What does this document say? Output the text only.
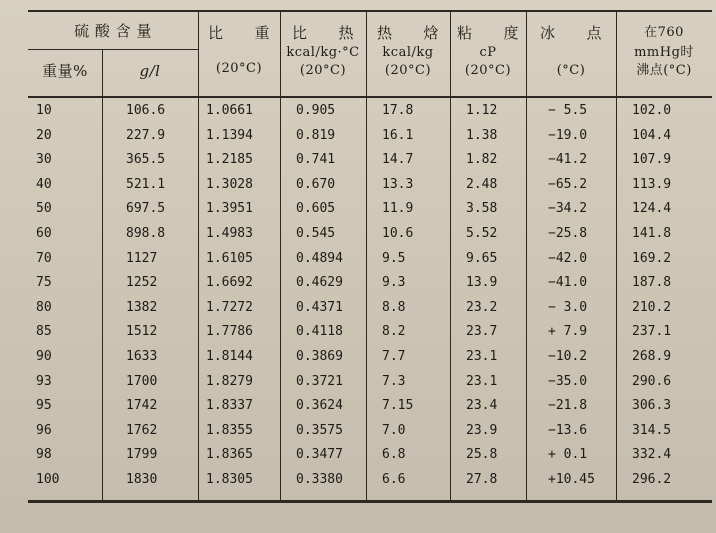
硫 酸 含 量
重量%	g/l
比　　重
(20°C)
比　　热
kcal/kg·°C
(20°C)
热　　焓
kcal/kg
(20°C)
粘　　度
cP
(20°C)
冰　　点
(°C)
在760
mmHg时
沸点(°C)
10	106.6	1.0661	0.905	17.8	1.12	− 5.5	102.0
20	227.9	1.1394	0.819	16.1	1.38	−19.0	104.4
30	365.5	1.2185	0.741	14.7	1.82	−41.2	107.9
40	521.1	1.3028	0.670	13.3	2.48	−65.2	113.9
50	697.5	1.3951	0.605	11.9	3.58	−34.2	124.4
60	898.8	1.4983	0.545	10.6	5.52	−25.8	141.8
70	1127	1.6105	0.4894	9.5	9.65	−42.0	169.2
75	1252	1.6692	0.4629	9.3	13.9	−41.0	187.8
80	1382	1.7272	0.4371	8.8	23.2	− 3.0	210.2
85	1512	1.7786	0.4118	8.2	23.7	+ 7.9	237.1
90	1633	1.8144	0.3869	7.7	23.1	−10.2	268.9
93	1700	1.8279	0.3721	7.3	23.1	−35.0	290.6
95	1742	1.8337	0.3624	7.15	23.4	−21.8	306.3
96	1762	1.8355	0.3575	7.0	23.9	−13.6	314.5
98	1799	1.8365	0.3477	6.8	25.8	+ 0.1	332.4
100	1830	1.8305	0.3380	6.6	27.8	+10.45	296.2
